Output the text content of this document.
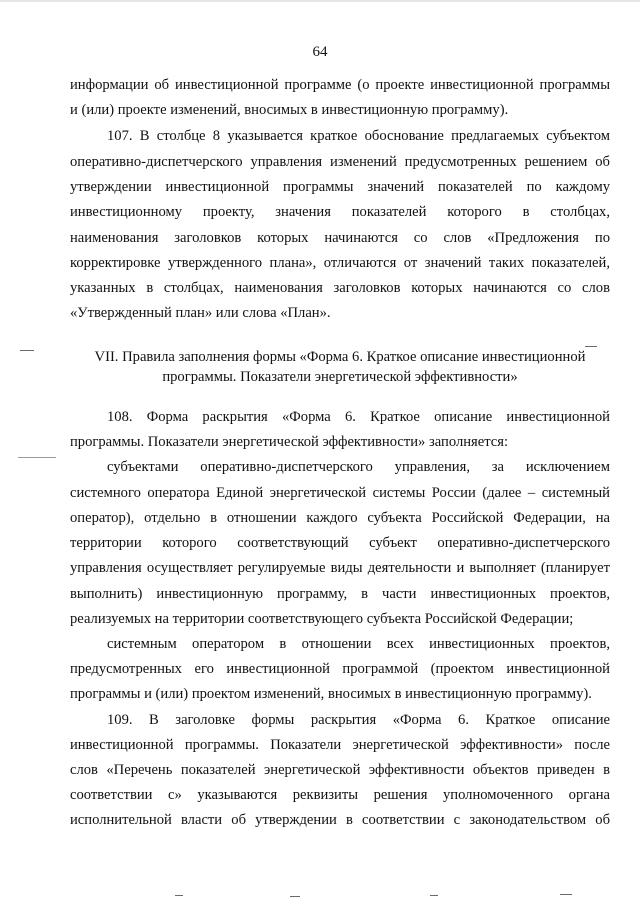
64
информации об инвестиционной программе (о проекте инвестиционной программы
и (или) проекте изменений, вносимых в инвестиционную программу).
107. В столбце 8 указывается краткое обоснование предлагаемых субъектом
оперативно-диспетчерского управления изменений предусмотренных решением об
утверждении инвестиционной программы значений показателей по каждому
инвестиционному проекту, значения показателей которого в столбцах,
наименования заголовков которых начинаются со слов «Предложения по
корректировке утвержденного плана», отличаются от значений таких показателей,
указанных в столбцах, наименования заголовков которых начинаются со слов
«Утвержденный план» или слова «План».
VII. Правила заполнения формы «Форма 6. Краткое описание инвестиционной
программы. Показатели энергетической эффективности»
108. Форма раскрытия «Форма 6. Краткое описание инвестиционной
программы. Показатели энергетической эффективности» заполняется:
субъектами оперативно-диспетчерского управления, за исключением
системного оператора Единой энергетической системы России (далее – системный
оператор), отдельно в отношении каждого субъекта Российской Федерации, на
территории которого соответствующий субъект оперативно-диспетчерского
управления осуществляет регулируемые виды деятельности и выполняет (планирует
выполнить) инвестиционную программу, в части инвестиционных проектов,
реализуемых на территории соответствующего субъекта Российской Федерации;
системным оператором в отношении всех инвестиционных проектов,
предусмотренных его инвестиционной программой (проектом инвестиционной
программы и (или) проектом изменений, вносимых в инвестиционную программу).
109. В заголовке формы раскрытия «Форма 6. Краткое описание
инвестиционной программы. Показатели энергетической эффективности» после
слов «Перечень показателей энергетической эффективности объектов приведен в
соответствии с» указываются реквизиты решения уполномоченного органа
исполнительной власти об утверждении в соответствии с законодательством об
